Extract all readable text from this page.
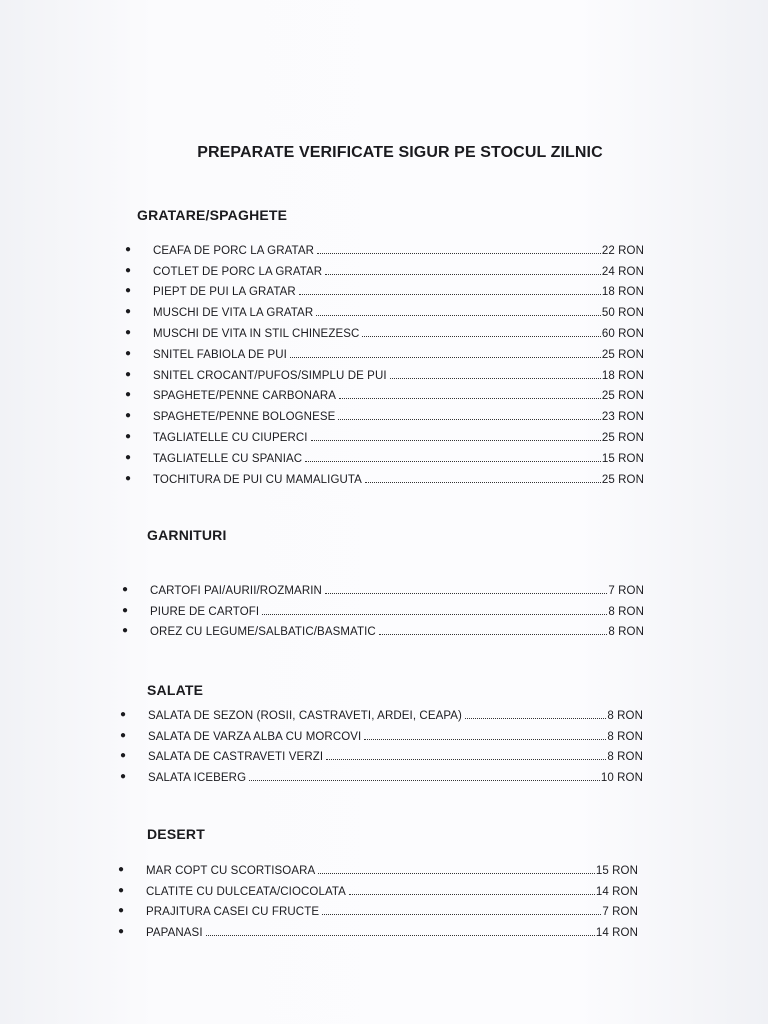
PREPARATE VERIFICATE SIGUR PE STOCUL ZILNIC
GRATARE/SPAGHETE
●	CEAFA DE PORC LA GRATAR	22 RON
●	COTLET DE PORC LA GRATAR	24 RON
●	PIEPT DE PUI LA GRATAR	18 RON
●	MUSCHI DE VITA LA GRATAR	50 RON
●	MUSCHI DE VITA IN STIL CHINEZESC	60 RON
●	SNITEL FABIOLA DE PUI	25 RON
●	SNITEL CROCANT/PUFOS/SIMPLU DE PUI	18 RON
●	SPAGHETE/PENNE CARBONARA	25 RON
●	SPAGHETE/PENNE BOLOGNESE	23 RON
●	TAGLIATELLE CU CIUPERCI	25 RON
●	TAGLIATELLE CU SPANIAC	15 RON
●	TOCHITURA DE PUI CU MAMALIGUTA	25 RON
GARNITURI
●	CARTOFI PAI/AURII/ROZMARIN	7 RON
●	PIURE DE CARTOFI	8 RON
●	OREZ CU LEGUME/SALBATIC/BASMATIC	8 RON
SALATE
●	SALATA DE SEZON (ROSII, CASTRAVETI, ARDEI, CEAPA)	8 RON
●	SALATA DE VARZA ALBA CU MORCOVI	8 RON
●	SALATA DE CASTRAVETI VERZI	8 RON
●	SALATA ICEBERG	10 RON
DESERT
●	MAR COPT CU SCORTISOARA	15 RON
●	CLATITE CU DULCEATA/CIOCOLATA	14 RON
●	PRAJITURA CASEI CU FRUCTE	7 RON
●	PAPANASI	14 RON
